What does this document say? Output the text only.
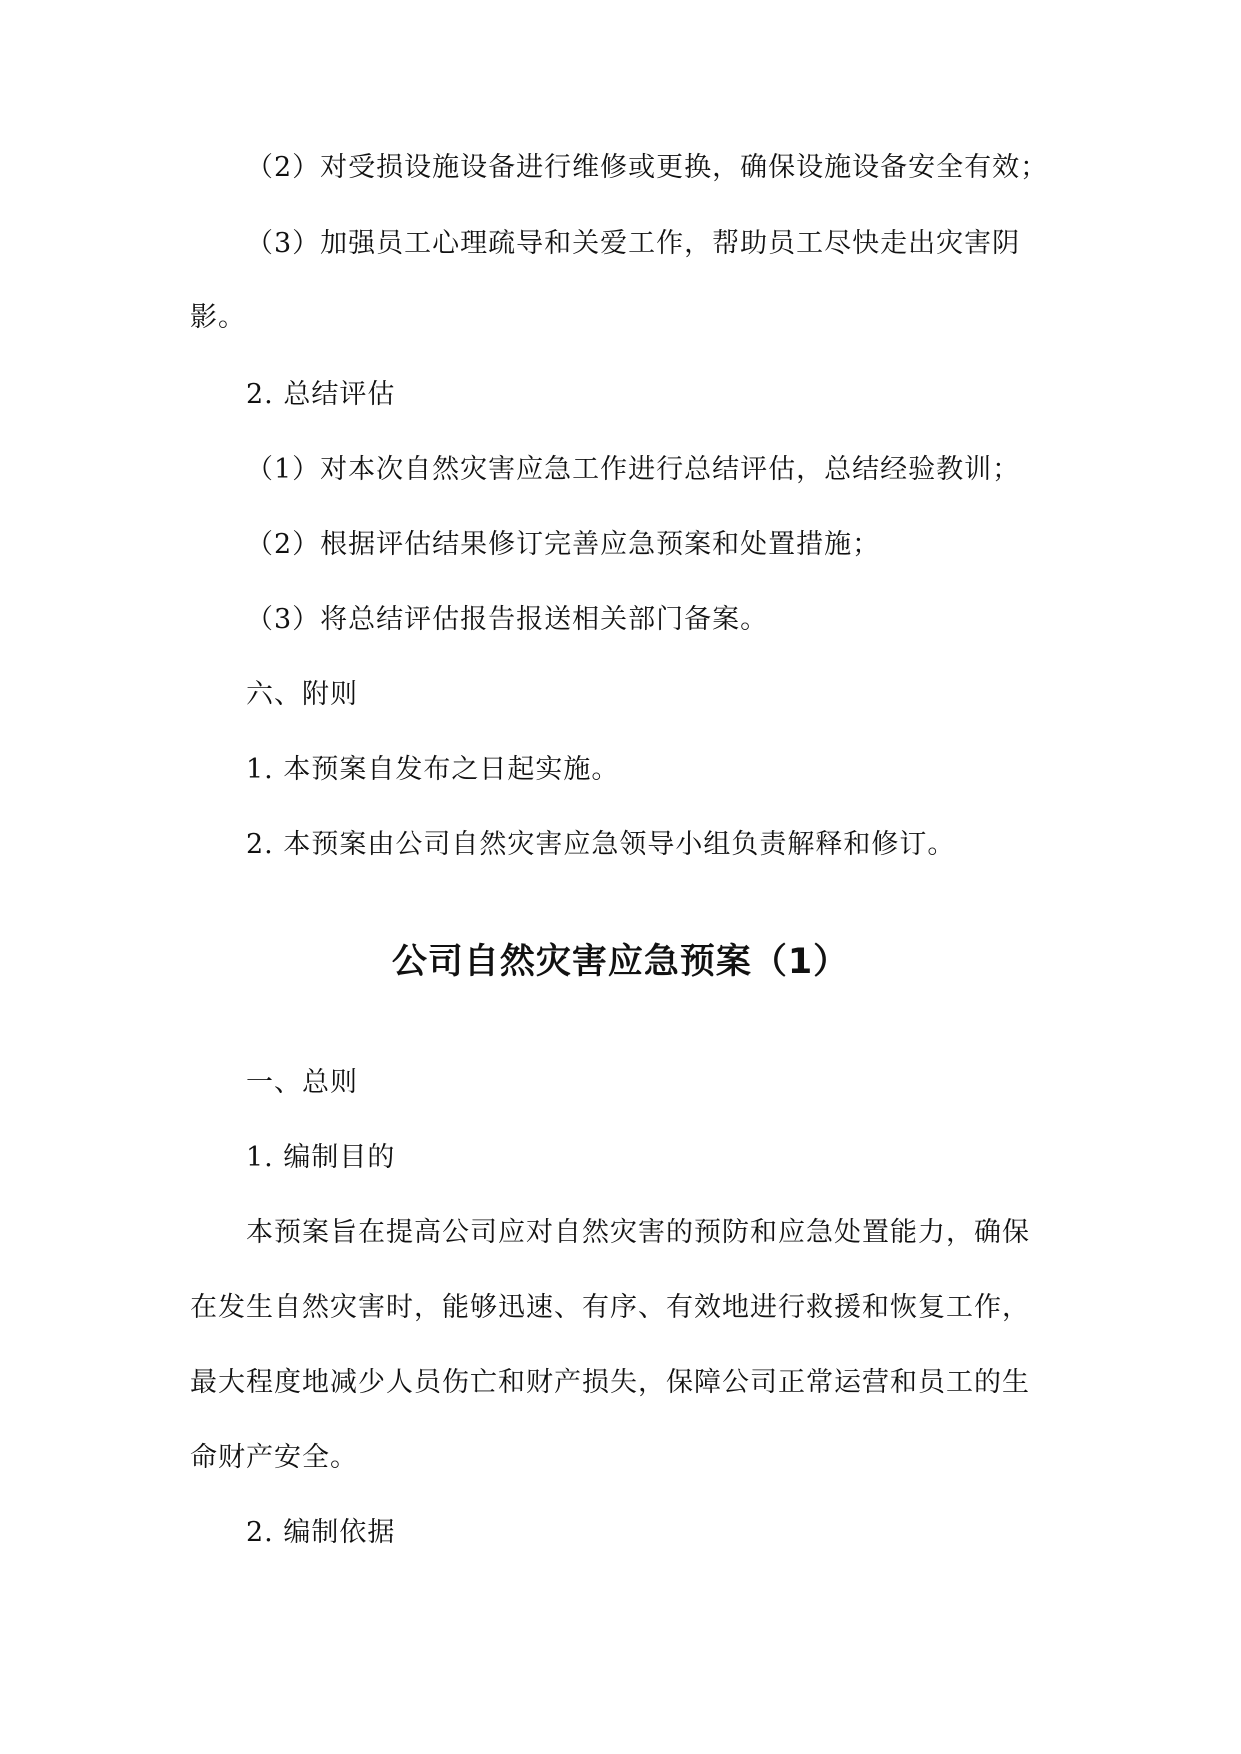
（2）对受损设施设备进行维修或更换，确保设施设备安全有效；
（3）加强员工心理疏导和关爱工作，帮助员工尽快走出灾害阴
影。
2. 总结评估
（1）对本次自然灾害应急工作进行总结评估，总结经验教训；
（2）根据评估结果修订完善应急预案和处置措施；
（3）将总结评估报告报送相关部门备案。
六、附则
1. 本预案自发布之日起实施。
2. 本预案由公司自然灾害应急领导小组负责解释和修订。
公司自然灾害应急预案（1）
一、总则
1. 编制目的
本预案旨在提高公司应对自然灾害的预防和应急处置能力，确保
在发生自然灾害时，能够迅速、有序、有效地进行救援和恢复工作，
最大程度地减少人员伤亡和财产损失，保障公司正常运营和员工的生
命财产安全。
2. 编制依据
